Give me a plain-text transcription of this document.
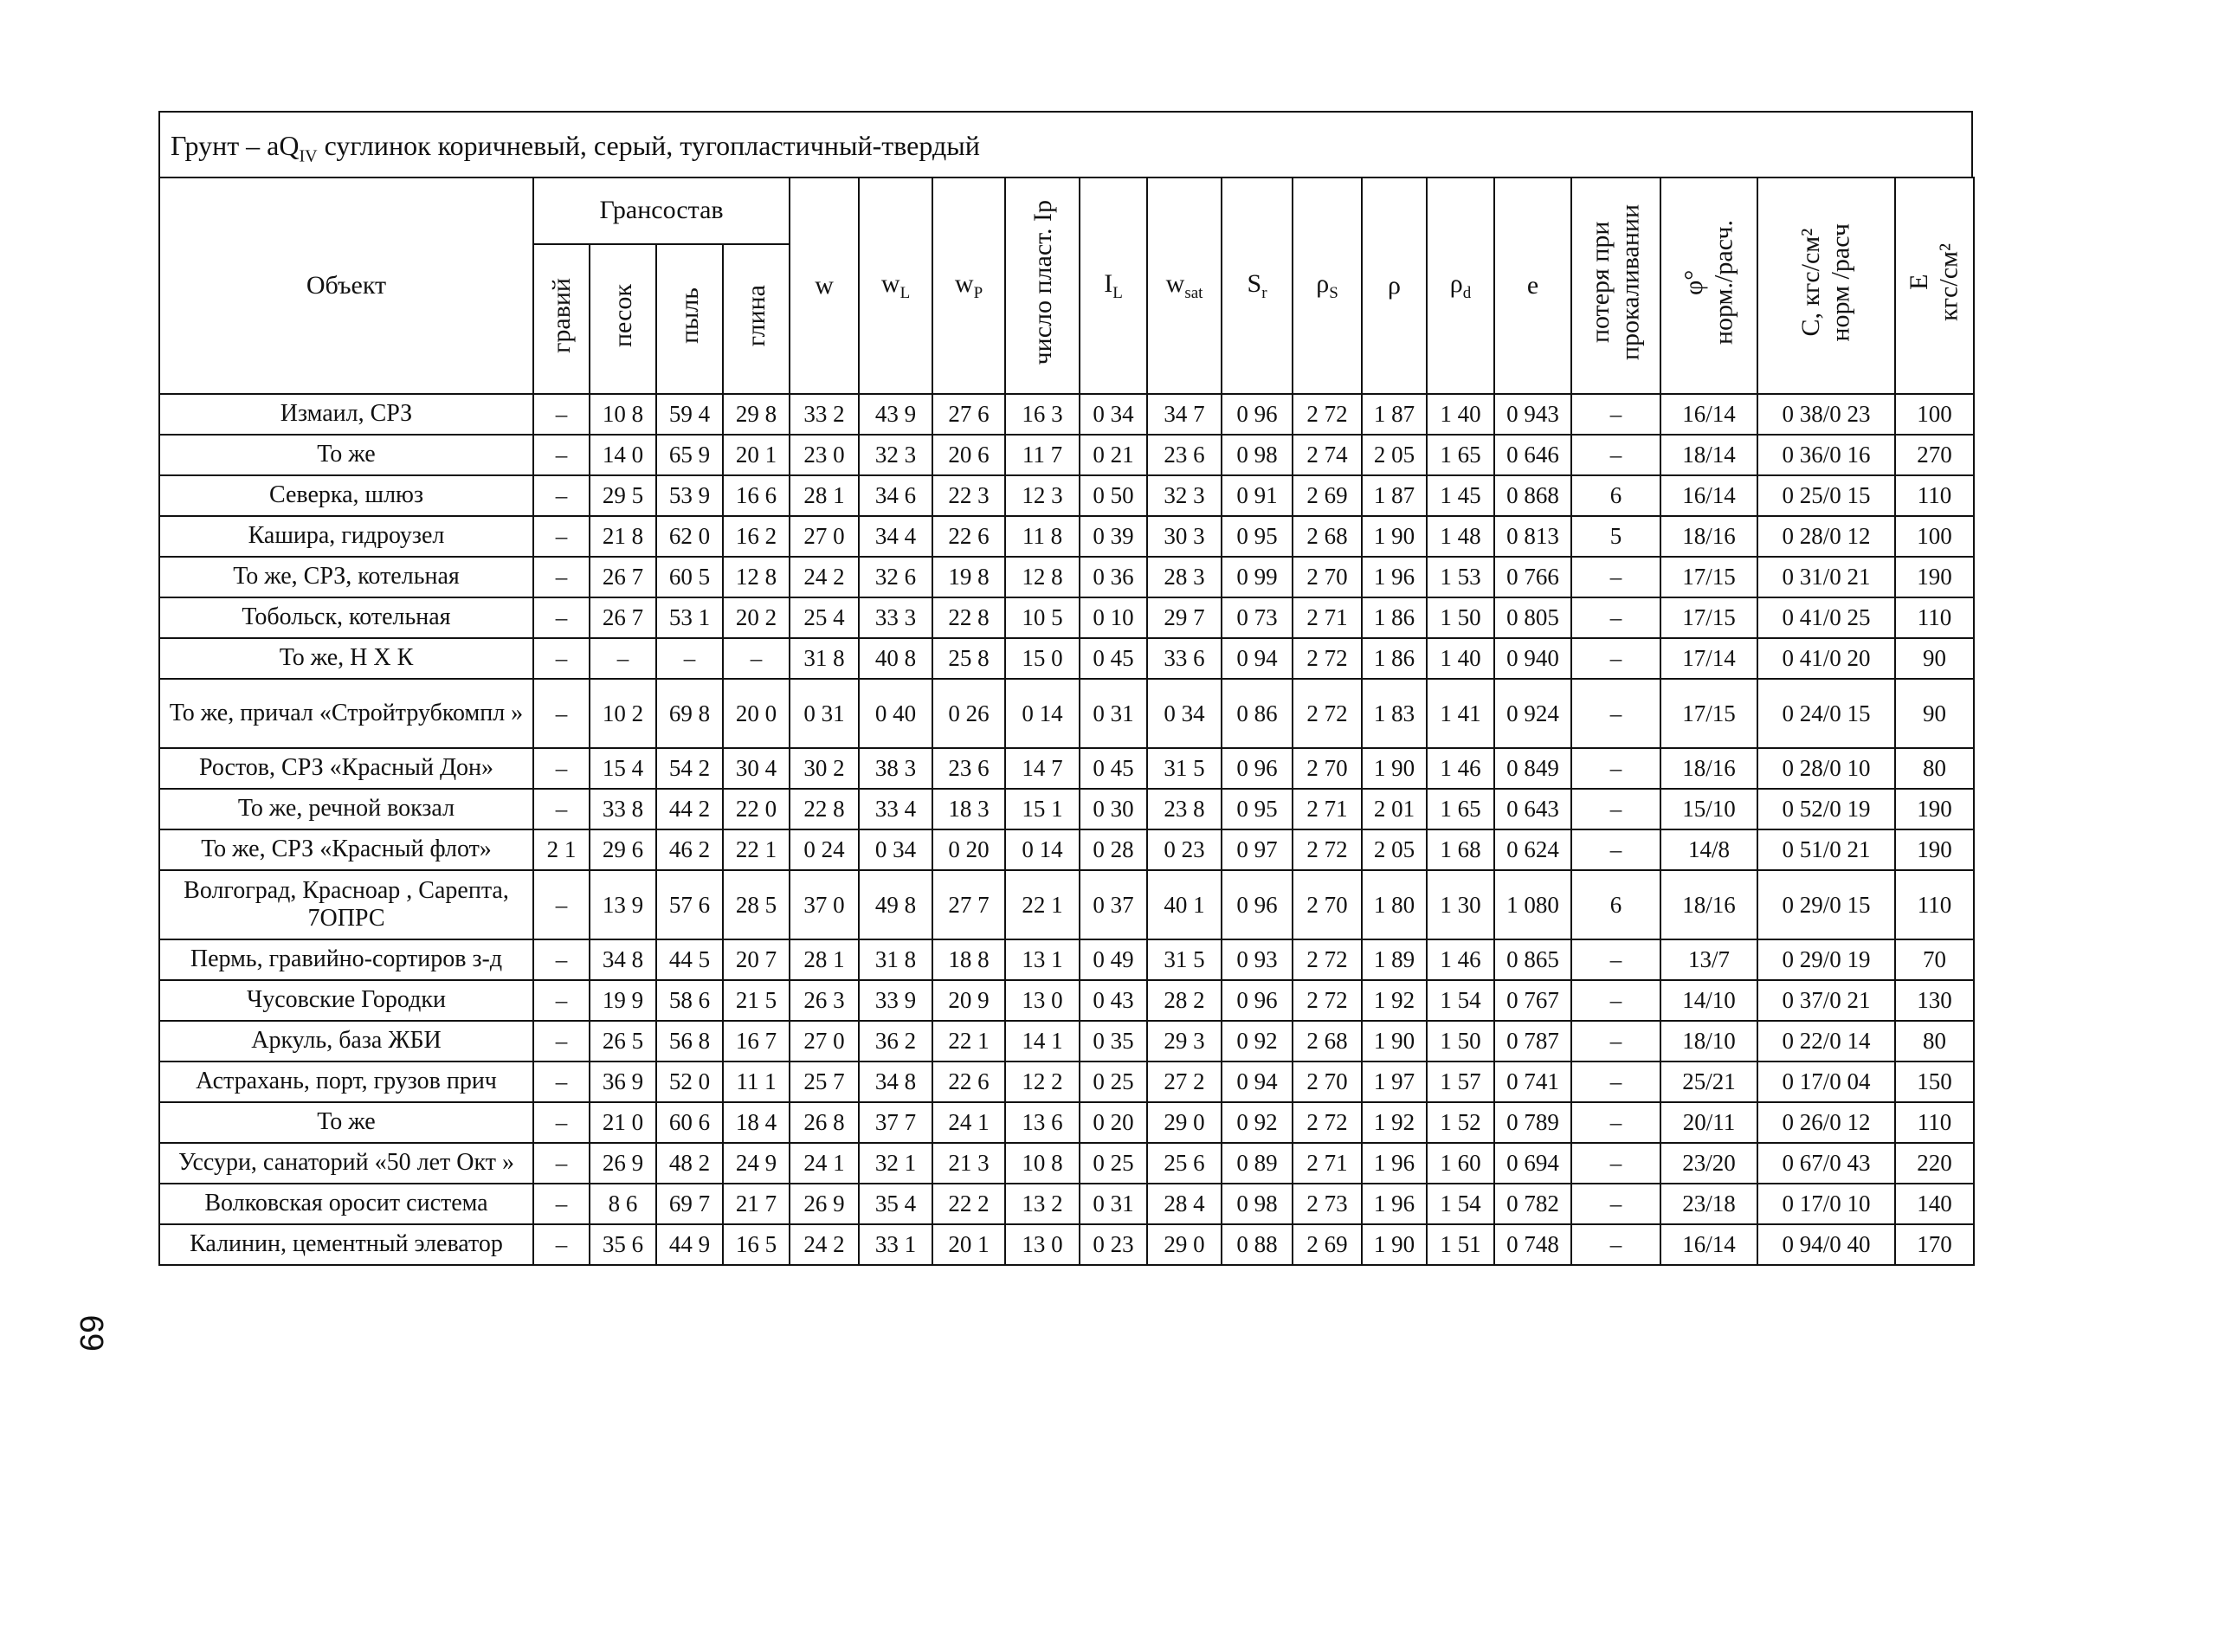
Грунт – $aQ_{IV}$ суглинок коричневый, серый, тугопластичный-твердый
Объект	Грансостав				w	$w_L$	$w_P$	число пласт. Iр	$I_L$	$w_{sat}$	$S_r$	$\rho_S$	ρ	$\rho_d$	e	потеря при прокаливании	φ° норм./расч.	С, кгс/см² норм /расч	Е кгс/см²

	гравий	песок	пыль	глина															
Измаил, СРЗ	–	10 8	59 4	29 8	33 2	43 9	27 6	16 3	0 34	34 7	0 96	2 72	1 87	1 40	0 943	–	16/14	0 38/0 23	100
То же	–	14 0	65 9	20 1	23 0	32 3	20 6	11 7	0 21	23 6	0 98	2 74	2 05	1 65	0 646	–	18/14	0 36/0 16	270
Северка, шлюз	–	29 5	53 9	16 6	28 1	34 6	22 3	12 3	0 50	32 3	0 91	2 69	1 87	1 45	0 868	6	16/14	0 25/0 15	110
Кашира, гидроузел	–	21 8	62 0	16 2	27 0	34 4	22 6	11 8	0 39	30 3	0 95	2 68	1 90	1 48	0 813	5	18/16	0 28/0 12	100
То же, СРЗ, котельная	–	26 7	60 5	12 8	24 2	32 6	19 8	12 8	0 36	28 3	0 99	2 70	1 96	1 53	0 766	–	17/15	0 31/0 21	190
Тобольск, котельная	–	26 7	53 1	20 2	25 4	33 3	22 8	10 5	0 10	29 7	0 73	2 71	1 86	1 50	0 805	–	17/15	0 41/0 25	110
То же, Н Х К	–	–	–	–	31 8	40 8	25 8	15 0	0 45	33 6	0 94	2 72	1 86	1 40	0 940	–	17/14	0 41/0 20	90
То же, причал «Стройтрубкомпл »	–	10 2	69 8	20 0	0 31	0 40	0 26	0 14	0 31	0 34	0 86	2 72	1 83	1 41	0 924	–	17/15	0 24/0 15	90
Ростов, СРЗ «Красный Дон»	–	15 4	54 2	30 4	30 2	38 3	23 6	14 7	0 45	31 5	0 96	2 70	1 90	1 46	0 849	–	18/16	0 28/0 10	80
То же, речной вокзал	–	33 8	44 2	22 0	22 8	33 4	18 3	15 1	0 30	23 8	0 95	2 71	2 01	1 65	0 643	–	15/10	0 52/0 19	190
То же, СРЗ «Красный флот»	2 1	29 6	46 2	22 1	0 24	0 34	0 20	0 14	0 28	0 23	0 97	2 72	2 05	1 68	0 624	–	14/8	0 51/0 21	190
Волгоград, Красноар , Сарепта, 7ОПРС	–	13 9	57 6	28 5	37 0	49 8	27 7	22 1	0 37	40 1	0 96	2 70	1 80	1 30	1 080	6	18/16	0 29/0 15	110
Пермь, гравийно-сортиров з-д	–	34 8	44 5	20 7	28 1	31 8	18 8	13 1	0 49	31 5	0 93	2 72	1 89	1 46	0 865	–	13/7	0 29/0 19	70
Чусовские Городки	–	19 9	58 6	21 5	26 3	33 9	20 9	13 0	0 43	28 2	0 96	2 72	1 92	1 54	0 767	–	14/10	0 37/0 21	130
Аркуль, база ЖБИ	–	26 5	56 8	16 7	27 0	36 2	22 1	14 1	0 35	29 3	0 92	2 68	1 90	1 50	0 787	–	18/10	0 22/0 14	80
Астрахань, порт, грузов прич	–	36 9	52 0	11 1	25 7	34 8	22 6	12 2	0 25	27 2	0 94	2 70	1 97	1 57	0 741	–	25/21	0 17/0 04	150
То же	–	21 0	60 6	18 4	26 8	37 7	24 1	13 6	0 20	29 0	0 92	2 72	1 92	1 52	0 789	–	20/11	0 26/0 12	110
Уссури, санаторий «50 лет Окт »	–	26 9	48 2	24 9	24 1	32 1	21 3	10 8	0 25	25 6	0 89	2 71	1 96	1 60	0 694	–	23/20	0 67/0 43	220
Волковская оросит система	–	8 6	69 7	21 7	26 9	35 4	22 2	13 2	0 31	28 4	0 98	2 73	1 96	1 54	0 782	–	23/18	0 17/0 10	140
Калинин, цементный элеватор	–	35 6	44 9	16 5	24 2	33 1	20 1	13 0	0 23	29 0	0 88	2 69	1 90	1 51	0 748	–	16/14	0 94/0 40	170
69
